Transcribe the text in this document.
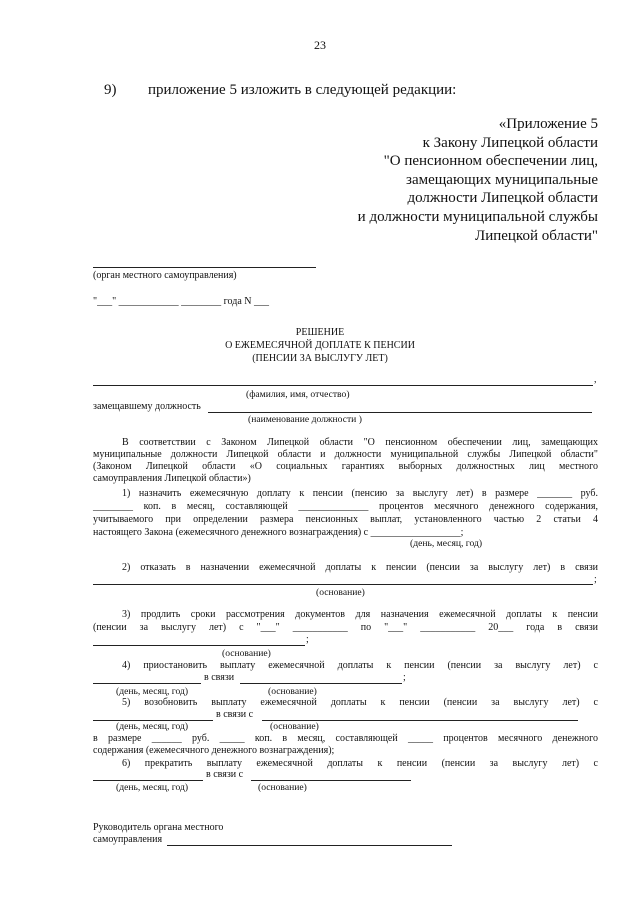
23
9) приложение 5 изложить в следующей редакции:
«Приложение 5
к Закону Липецкой области
"О пенсионном обеспечении лиц,
замещающих муниципальные
должности Липецкой области
и должности муниципальной службы
Липецкой области"
(орган местного самоуправления)
"___" ____________ ________ года N ___
РЕШЕНИЕ
О ЕЖЕМЕСЯЧНОЙ ДОПЛАТЕ К ПЕНСИИ
(ПЕНСИИ ЗА ВЫСЛУГУ ЛЕТ)
,
(фамилия, имя, отчество)
замещавшему должность
(наименование должности )
В соответствии с Законом Липецкой области "О пенсионном обеспечении лиц, замещающих
муниципальные должности Липецкой области и должности муниципальной службы Липецкой области"
(Законом Липецкой области «О социальных гарантиях выборных должностных лиц местного
самоуправления Липецкой области»)
1) назначить ежемесячную доплату к пенсии (пенсию за выслугу лет) в размере _______ руб.
________ коп. в месяц, составляющей ______________ процентов месячного денежного содержания,
учитываемого при определении размера пенсионных выплат, установленного частью 2 статьи 4
настоящего Закона (ежемесячного денежного вознаграждения) с __________________;
(день, месяц, год)
2) отказать в назначении ежемесячной доплаты к пенсии (пенсии за выслугу лет) в связи
;
(основание)
3) продлить сроки рассмотрения документов для назначения ежемесячной доплаты к пенсии
(пенсии за выслугу лет) с "___" ___________ по "___" ___________ 20___ года в связи
;
(основание)
4) приостановить выплату ежемесячной доплаты к пенсии (пенсии за выслугу лет) с
в связи	;
(день, месяц, год)	(основание)
5) возобновить выплату ежемесячной доплаты к пенсии (пенсии за выслугу лет) с
в связи с
(день, месяц, год)	(основание)
в размере ______ руб. _____ коп. в месяц, составляющей _____ процентов месячного денежного
содержания (ежемесячного денежного вознаграждения);
6) прекратить выплату ежемесячной доплаты к пенсии (пенсии за выслугу лет) с
в связи с
(день, месяц, год)	(основание)
Руководитель органа местного
самоуправления
